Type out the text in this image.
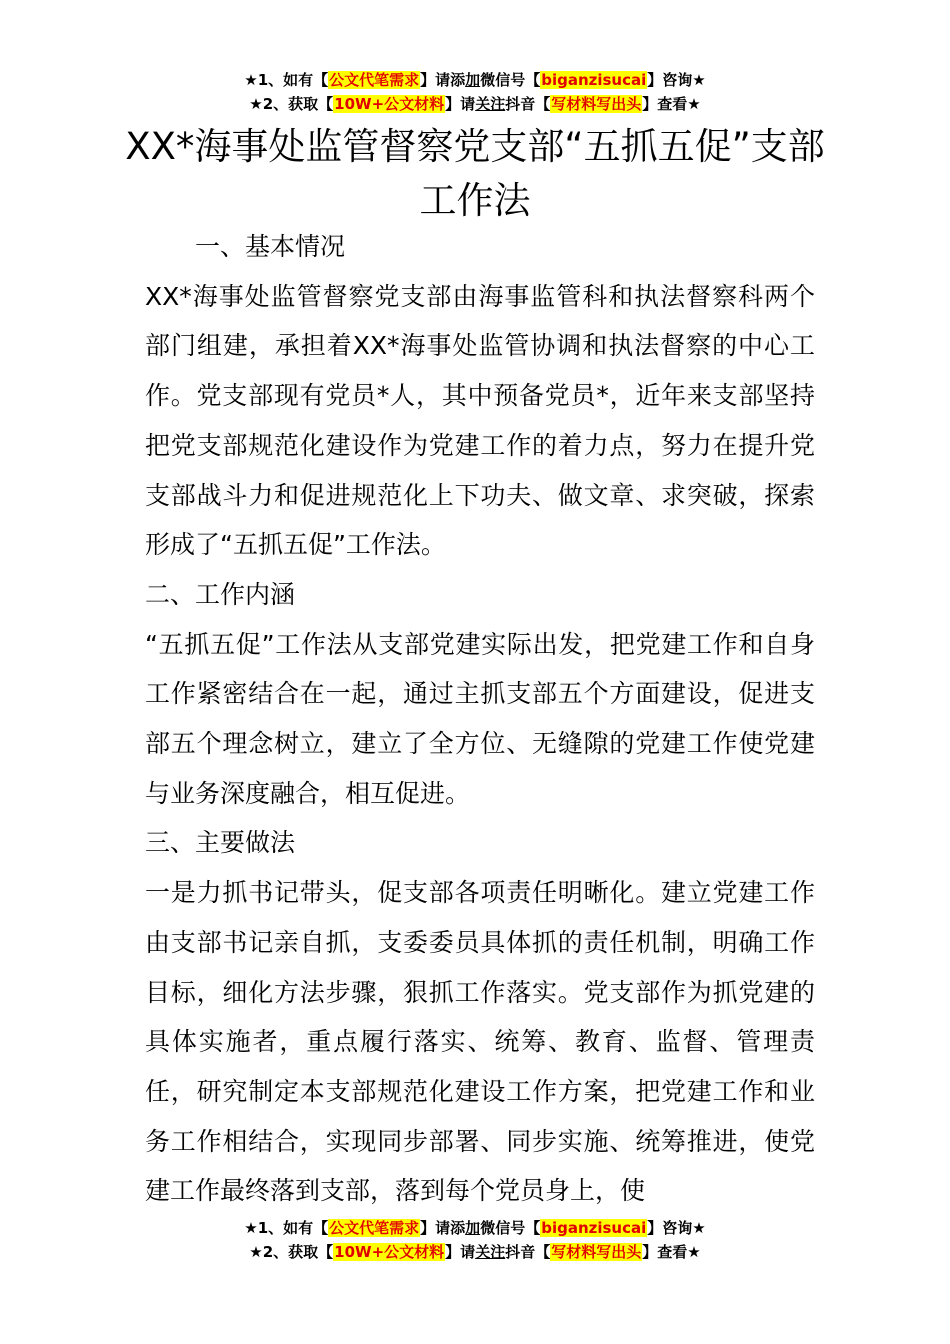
★1、如有【公文代笔需求】请添加微信号【biganzisucai】咨询★
★2、获取【10W+公文材料】请关注抖音【写材料写出头】查看★
XX*海事处监管督察党支部“五抓五促”支部工作法

一、基本情况

XX*海事处监管督察党支部由海事监管科和执法督察科两个部门组建，承担着XX*海事处监管协调和执法督察的中心工作。党支部现有党员*人，其中预备党员*，近年来支部坚持把党支部规范化建设作为党建工作的着力点，努力在提升党支部战斗力和促进规范化上下功夫、做文章、求突破，探索形成了“五抓五促”工作法。

二、工作内涵

“五抓五促”工作法从支部党建实际出发，把党建工作和自身工作紧密结合在一起，通过主抓支部五个方面建设，促进支部五个理念树立，建立了全方位、无缝隙的党建工作使党建与业务深度融合，相互促进。

三、主要做法

一是力抓书记带头，促支部各项责任明晰化。建立党建工作由支部书记亲自抓，支委委员具体抓的责任机制，明确工作目标，细化方法步骤，狠抓工作落实。党支部作为抓党建的具体实施者，重点履行落实、统筹、教育、监督、管理责任，研究制定本支部规范化建设工作方案，把党建工作和业务工作相结合，实现同步部署、同步实施、统筹推进，使党建工作最终落到支部，落到每个党员身上，使

★1、如有【公文代笔需求】请添加微信号【biganzisucai】咨询★
★2、获取【10W+公文材料】请关注抖音【写材料写出头】查看★
